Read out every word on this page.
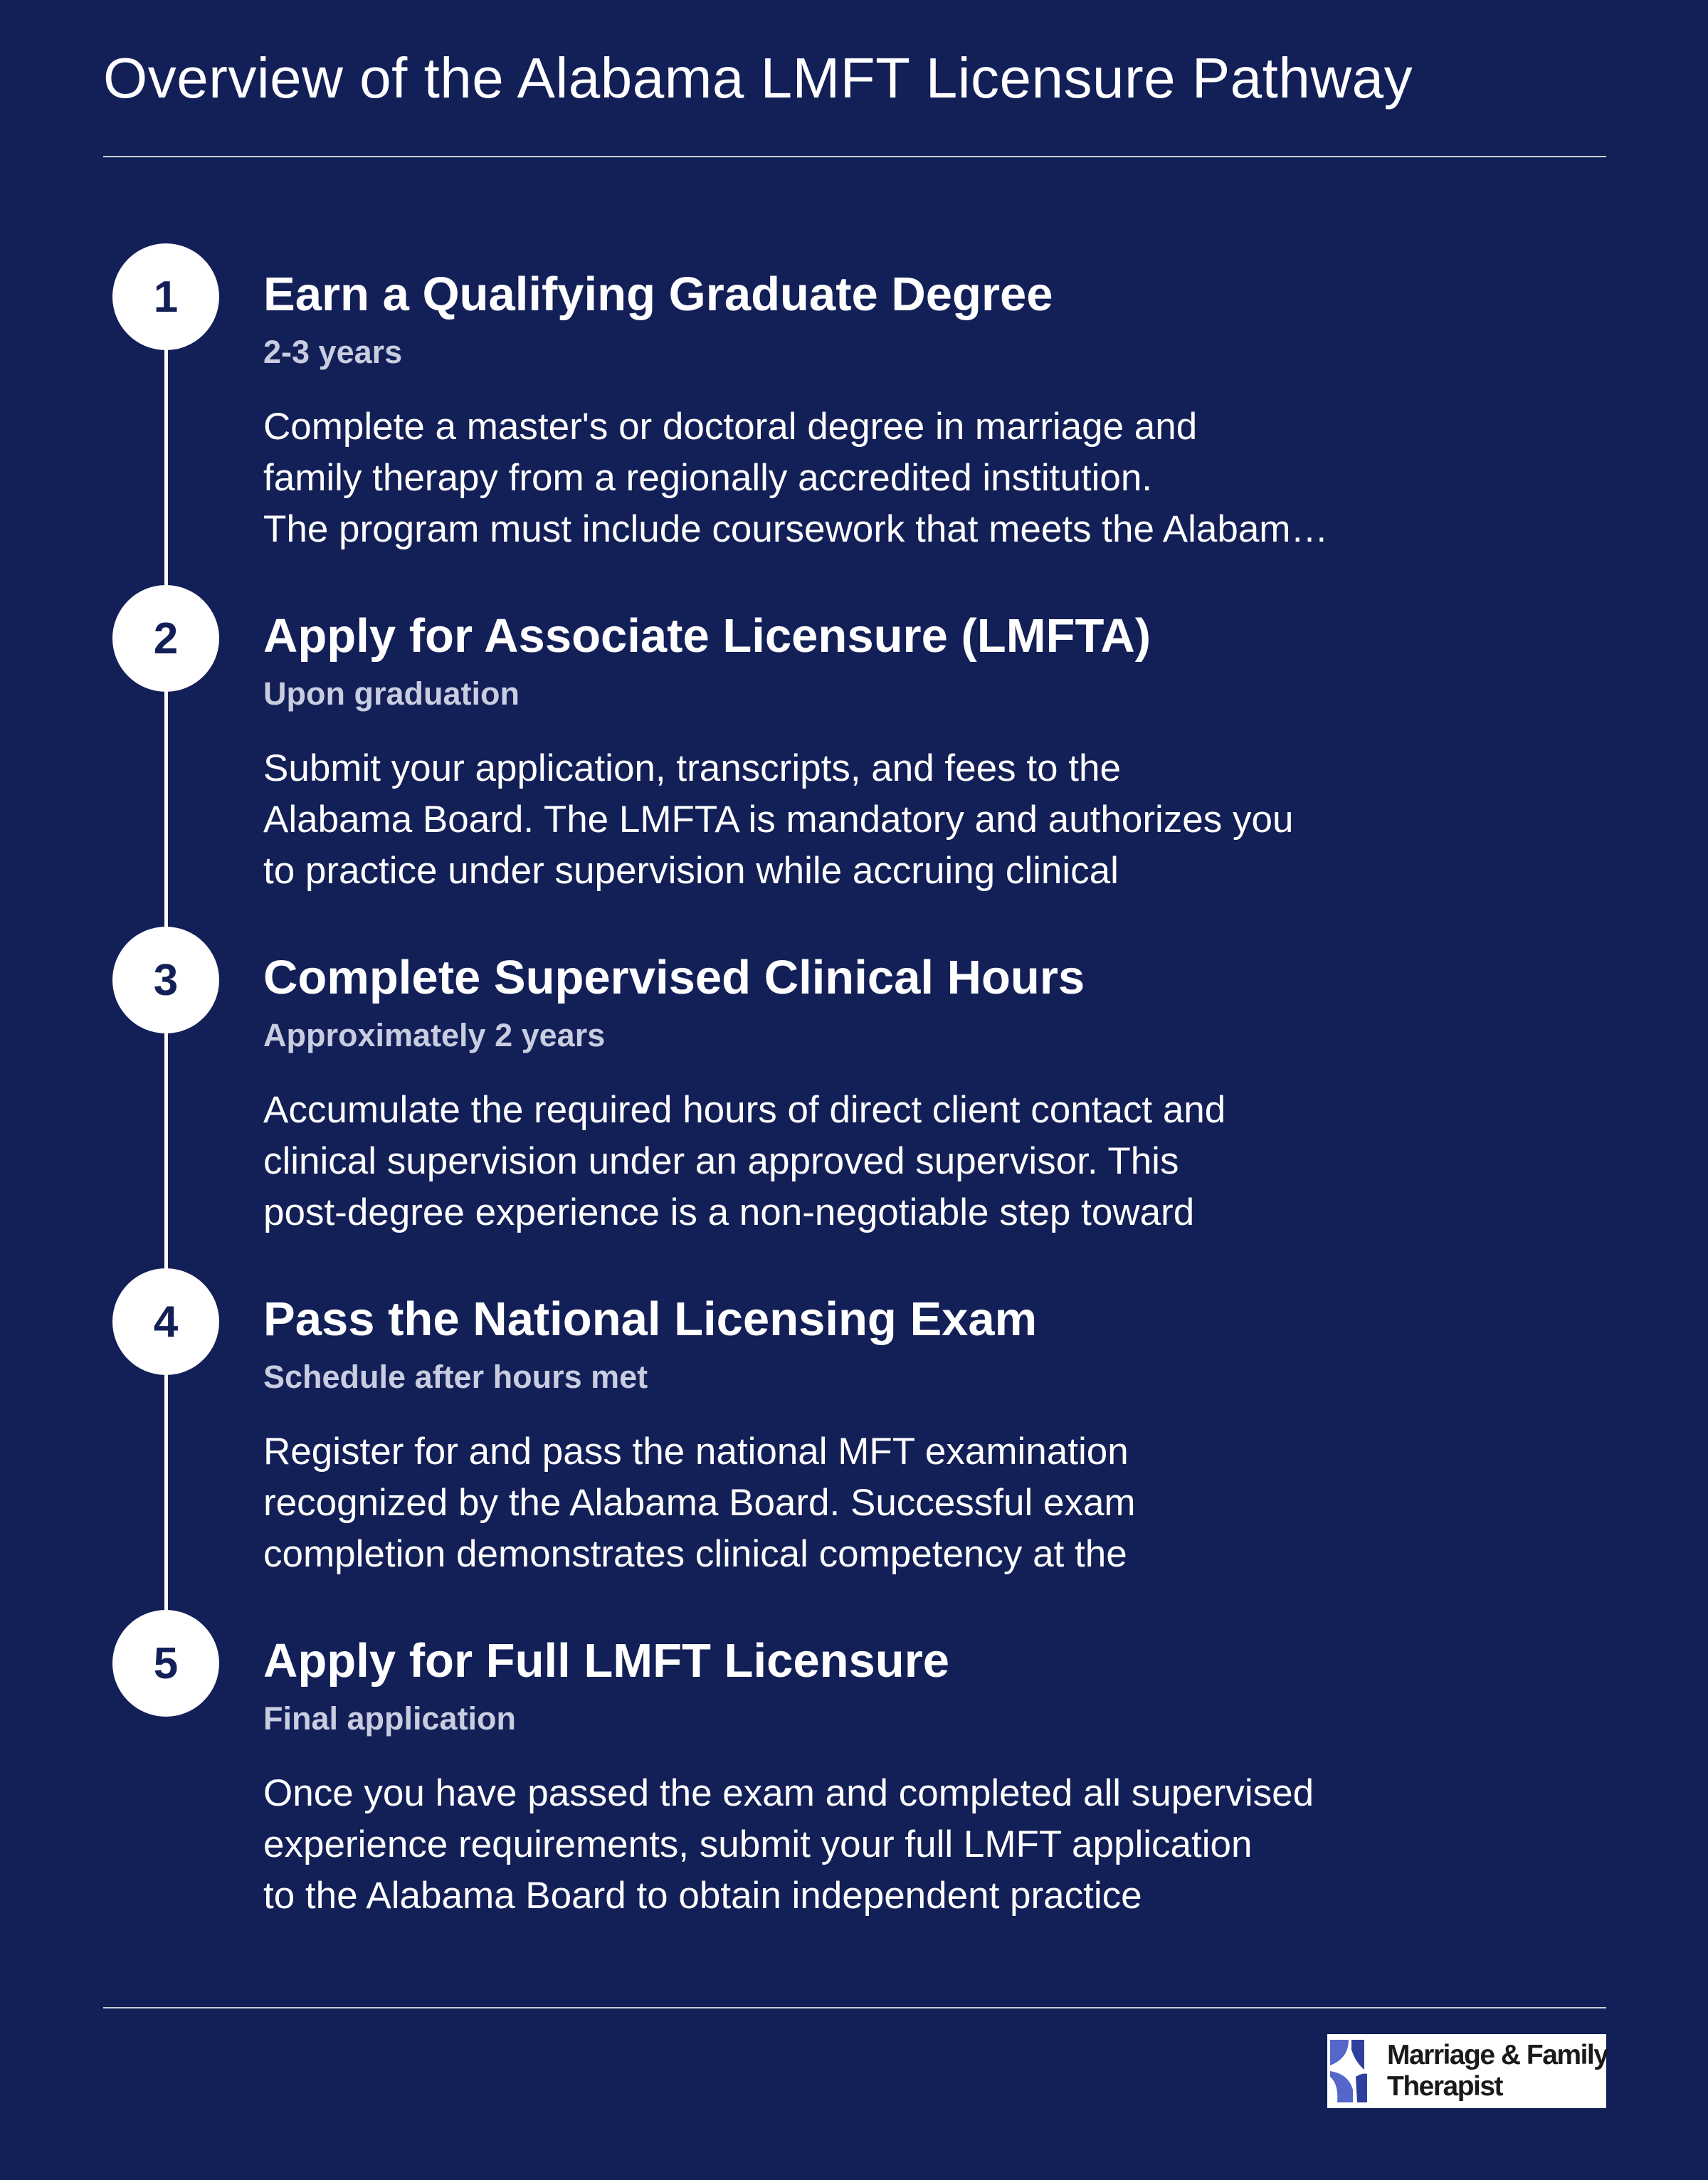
Overview of the Alabama LMFT Licensure Pathway
1	Earn a Qualifying Graduate Degree
2-3 years
Complete a master's or doctoral degree in marriage and
family therapy from a regionally accredited institution.
The program must include coursework that meets the Alabam…
2	Apply for Associate Licensure (LMFTA)
Upon graduation
Submit your application, transcripts, and fees to the
Alabama Board. The LMFTA is mandatory and authorizes you
to practice under supervision while accruing clinical
3	Complete Supervised Clinical Hours
Approximately 2 years
Accumulate the required hours of direct client contact and
clinical supervision under an approved supervisor. This
post-degree experience is a non-negotiable step toward
4	Pass the National Licensing Exam
Schedule after hours met
Register for and pass the national MFT examination
recognized by the Alabama Board. Successful exam
completion demonstrates clinical competency at the
5	Apply for Full LMFT Licensure
Final application
Once you have passed the exam and completed all supervised
experience requirements, submit your full LMFT application
to the Alabama Board to obtain independent practice
Marriage & Family
Therapist
